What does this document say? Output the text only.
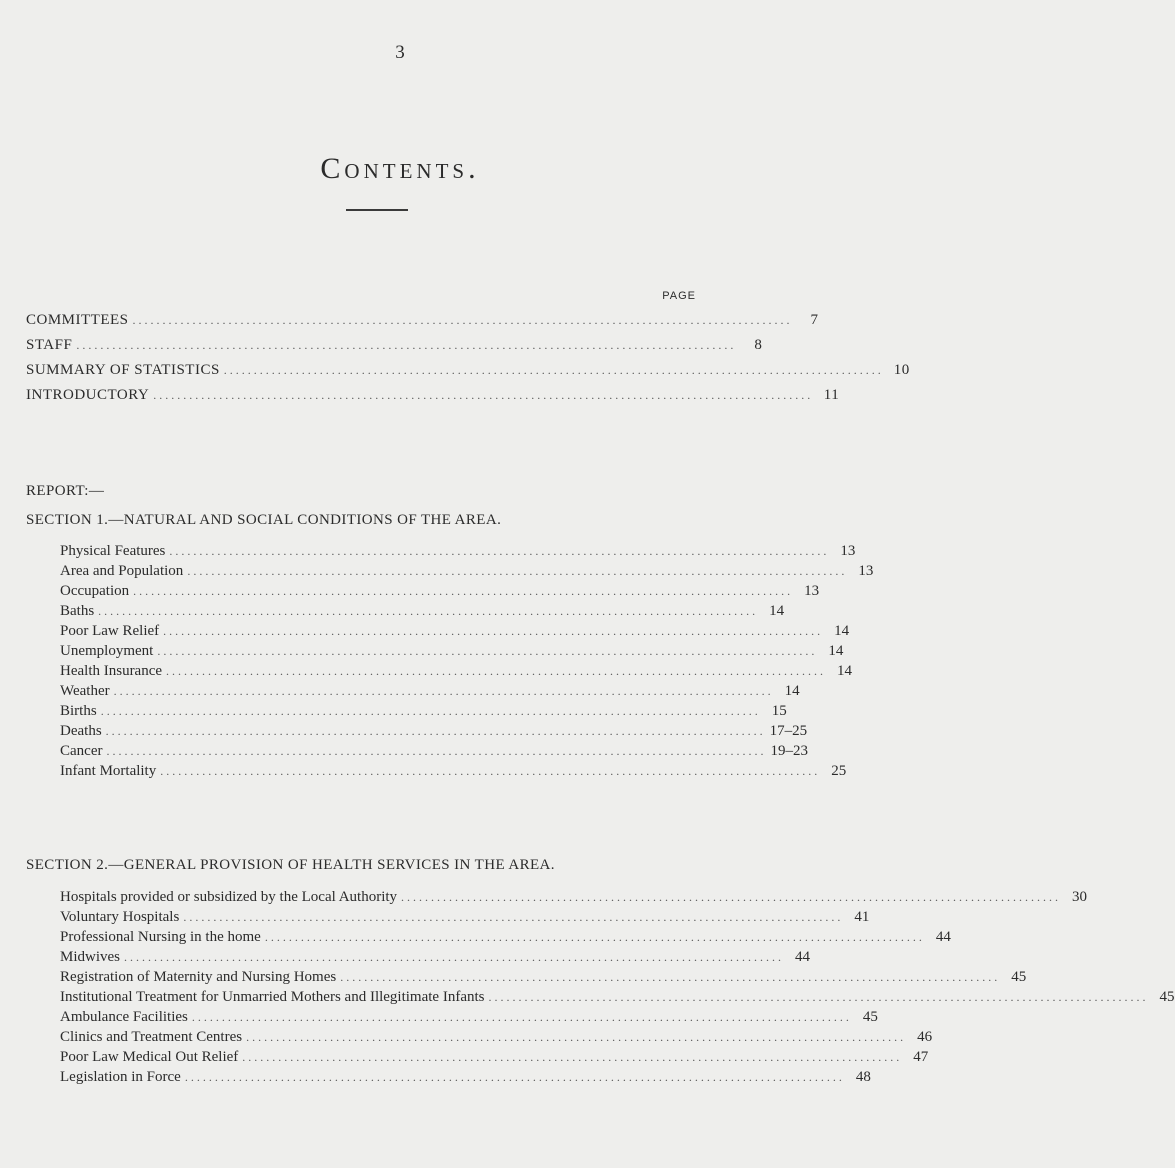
3
Contents.
PAGE
COMMITTEES ..............................................................................................................	7
STAFF ..............................................................................................................	8
SUMMARY OF STATISTICS .............................................................................................................. 10
INTRODUCTORY .............................................................................................................. 11
REPORT:—
SECTION 1.—NATURAL AND SOCIAL CONDITIONS OF THE AREA.
Physical Features .............................................................................................................. 13
Area and Population .............................................................................................................. 13
Occupation .............................................................................................................. 13
Baths .............................................................................................................. 14
Poor Law Relief .............................................................................................................. 14
Unemployment .............................................................................................................. 14
Health Insurance .............................................................................................................. 14
Weather .............................................................................................................. 14
Births .............................................................................................................. 15
Deaths .............................................................................................................. 17–25
Cancer .............................................................................................................. 19–23
Infant Mortality .............................................................................................................. 25
SECTION 2.—GENERAL PROVISION OF HEALTH SERVICES IN THE AREA.
Hospitals provided or subsidized by the Local Authority .............................................................................................................. 30
Voluntary Hospitals .............................................................................................................. 41
Professional Nursing in the home .............................................................................................................. 44
Midwives .............................................................................................................. 44
Registration of Maternity and Nursing Homes .............................................................................................................. 45
Institutional Treatment for Unmarried Mothers and Illegitimate Infants .............................................................................................................. 45
Ambulance Facilities .............................................................................................................. 45
Clinics and Treatment Centres .............................................................................................................. 46
Poor Law Medical Out Relief .............................................................................................................. 47
Legislation in Force .............................................................................................................. 48
